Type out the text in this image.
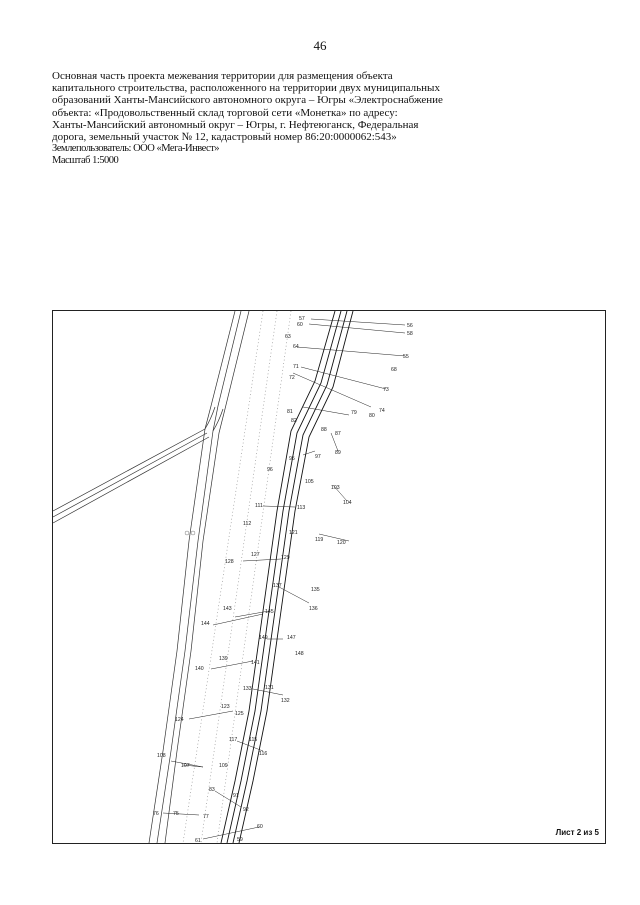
46
Основная часть проекта межевания территории для размещения объекта
капитального строительства, расположенного на территории двух муниципальных
образований Ханты-Мансийского автономного округа – Югры «Электроснабжение
объекта: «Продовольственный склад торговой сети «Монетка» по адресу:
Ханты-Мансийский автономный округ – Югры, г. Нефтеюганск, Федеральная
дорога, земельный участок № 12, кадастровый номер 86:20:0000062:543»
Землепользователь: ООО «Мега-Инвест»
Масштаб 1:5000
57
60	56
58
63
64
55
68
71
72
73
74
81	79 80
82
88
87
89
95	97
96
105
103
104
111	113
112
121
119	120
127	129
128
137
135
136
143	145
144
149	147
148
139
141
140
133	131
132
123
125
124
117 115
116
108
107	109
83
91
92
76	75	77
61
60
59
Лист 2 из 5
